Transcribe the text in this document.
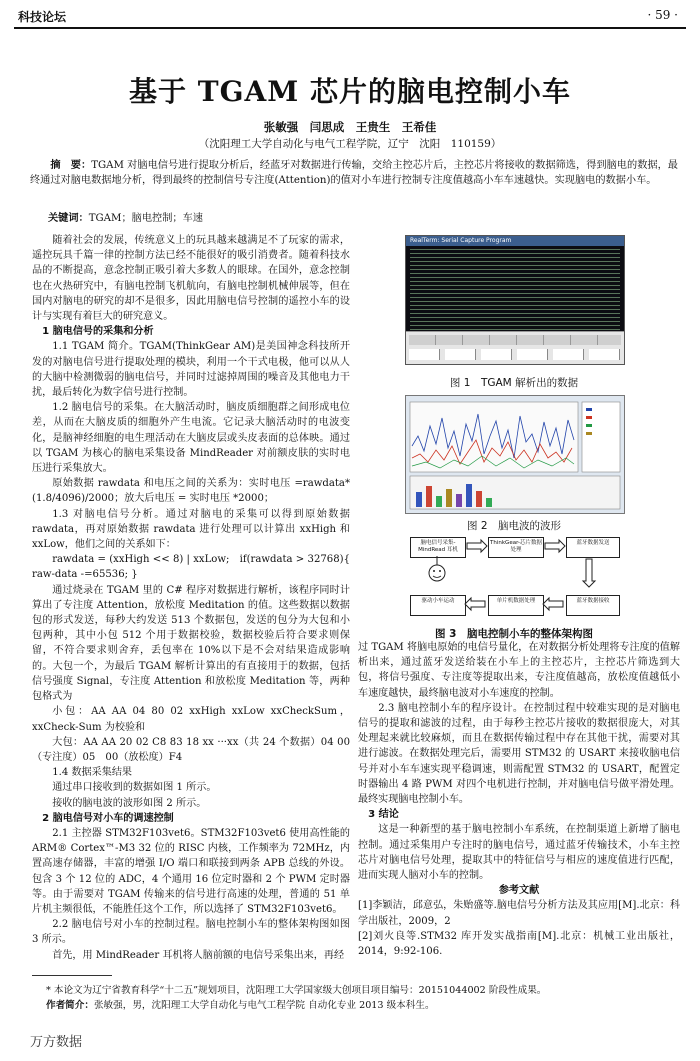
科技论坛	· 59 ·
基于 TGAM 芯片的脑电控制小车
张敏强　闫思成　王贵生　王希佳
（沈阳理工大学自动化与电气工程学院，辽宁　沈阳　110159）
摘　要：TGAM 对脑电信号进行提取分析后，经蓝牙对数据进行传输，交给主控芯片后，主控芯片将接收的数据筛选，得到脑电的数据，最终通过对脑电数据地分析，得到最终的控制信号专注度(Attention)的值对小车进行控制专注度值越高小车车速越快。实现脑电的数据小车。
关键词：TGAM；脑电控制；车速

随着社会的发展，传统意义上的玩具越来越满足不了玩家的需求，遥控玩具千篇一律的控制方法已经不能很好的吸引消费者。随着科技水品的不断提高，意念控制正吸引着大多数人的眼球。在国外，意念控制也在火热研究中，有脑电控制飞机航向，有脑电控制机械伸展等，但在国内对脑电的研究的却不是很多，因此用脑电信号控制的遥控小车的设计与实现有着巨大的研究意义。

1 脑电信号的采集和分析

1.1 TGAM 简介。TGAM(ThinkGear AM)是美国神念科技所开发的对脑电信号进行提取处理的模块，利用一个干式电极，他可以从人的大脑中检测微弱的脑电信号，并同时过滤掉周围的噪音及其他电力干扰，最后转化为数字信号进行控制。

1.2 脑电信号的采集。在大脑活动时，脑皮质细胞群之间形成电位差，从而在大脑皮质的细胞外产生电流。它记录大脑活动时的电波变化，是脑神经细胞的电生理活动在大脑皮层或头皮表面的总体映。通过以 TGAM 为核心的脑电采集设备 MindReader 对前额皮肤的实时电压进行采集放大。

原始数据 rawdata 和电压之间的关系为：实时电压 =rawdata*(1.8/4096)/2000；放大后电压 = 实时电压 *2000；

1.3 对脑电信号分析。通过对脑电的采集可以得到原始数据 rawdata，再对原始数据 rawdata 进行处理可以计算出 xxHigh 和 xxLow，他们之间的关系如下：

rawdata = (xxHigh << 8) | xxLow;　if(rawdata > 32768){ raw-data -=65536; }

通过烧录在 TGAM 里的 C# 程序对数据进行解析，该程序同时计算出了专注度 Attention，放松度 Meditation 的值。这些数据以数据包的形式发送，每秒大约发送 513 个数据包，发送的包分为大包和小包两种，其中小包 512 个用于数据校验，数据校验后符合要求则保留，不符合要求则舍弃，丢包率在 10%以下是不会对结果造成影响的。大包一个，为最后 TGAM 解析计算出的有直接用于的数据，包括信号强度 Signal，专注度 Attention 和放松度 Meditation 等，两种包格式为

小包：AA AA 04 80 02 xxHigh xxLow xxCheckSum，xxCheck-Sum 为校验和

大包：AA AA 20 02 C8 83 18 xx ···xx（共 24 个数据）04 00（专注度）05　00（放松度）F4

1.4 数据采集结果

通过串口接收到的数据如图 1 所示。

接收的脑电波的波形如图 2 所示。

2 脑电信号对小车的调速控制

2.1 主控器 STM32F103vet6。STM32F103vet6 使用高性能的 ARM® Cortex™-M3 32 位的 RISC 内核，工作频率为 72MHz，内置高速存储器，丰富的增强 I/O 端口和联接到两条 APB 总线的外设。包含 3 个 12 位的 ADC，4 个通用 16 位定时器和 2 个 PWM 定时器等。由于需要对 TGAM 传输来的信号进行高速的处理，普通的 51 单片机主频很低，不能胜任这个工作，所以选择了 STM32F103vet6。

2.2 脑电信号对小车的控制过程。脑电控制小车的整体架构图如图 3 所示。

首先，用 MindReader 耳机将人脑前额的电信号采集出来，再经

RealTerm: Serial Capture Program
图 1　TGAM 解析出的数据
图 2　脑电波的波形
脑电信号采集-MindRead 耳机
ThinkGear-芯片数据处理
蓝牙数据发送
蓝牙数据接收
单片机数据处理
驱动小车运动
图 3　脑电控制小车的整体架构图

过 TGAM 将脑电原始的电信号量化，在对数据分析处理将专注度的值解析出来，通过蓝牙发送给装在小车上的主控芯片，主控芯片筛选到大包，将信号强度、专注度等提取出来，专注度值越高，放松度值越低小车速度越快，最终脑电波对小车速度的控制。

2.3 脑电控制小车的程序设计。在控制过程中较难实现的是对脑电信号的提取和滤波的过程，由于每秒主控芯片接收的数据很庞大，对其处理起来就比较麻烦，而且在数据传输过程中存在其他干扰，需要对其进行滤波。在数据处理完后，需要用 STM32 的 USART 来接收脑电信号并对小车车速实现平稳调速，则需配置 STM32 的 USART，配置定时器输出 4 路 PWM 对四个电机进行控制，并对脑电信号做平滑处理。最终实现脑电控制小车。

3 结论

这是一种新型的基于脑电控制小车系统，在控制渠道上新增了脑电控制。通过采集用户专注时的脑电信号，通过蓝牙传输技术，小车主控芯片对脑电信号处理，提取其中的特征信号与相应的速度值进行匹配，进而实现人脑对小车的控制。

参考文献

[1]李颖洁，邱意弘，朱贻盛等.脑电信号分析方法及其应用[M].北京：科学出版社，2009，2

[2]刘火良等.STM32 库开发实战指南[M].北京：机械工业出版社，2014，9:92-106.

* 本论文为辽宁省教育科学“十二五”规划项目，沈阳理工大学国家级大创项目项目编号：20151044002 阶段性成果。
作者简介：张敏强，男，沈阳理工大学自动化与电气工程学院 自动化专业 2013 级本科生。
万方数据
